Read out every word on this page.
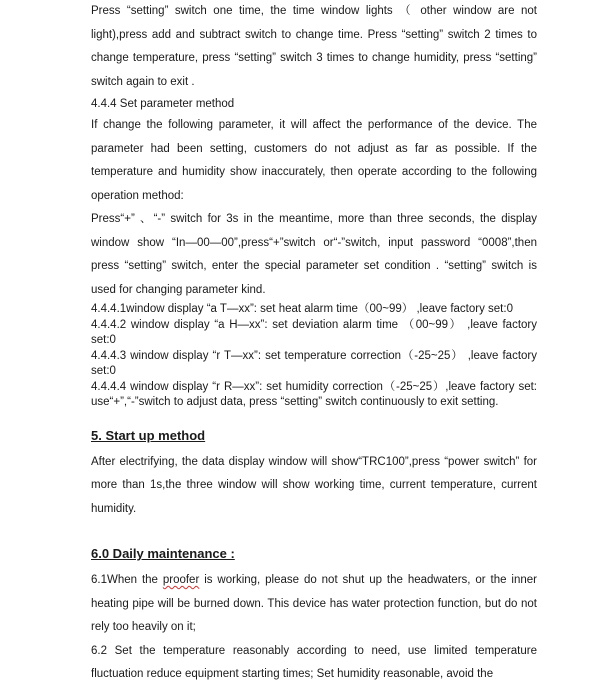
Press “setting” switch one time, the time window lights （ other window are not light),press add and subtract switch to change time. Press “setting” switch 2 times to change temperature, press “setting” switch 3 times to change humidity, press “setting” switch again to exit .

4.4.4 Set parameter method

If change the following parameter, it will affect the performance of the device. The parameter had been setting, customers do not adjust as far as possible. If the temperature and humidity show inaccurately, then operate according to the following operation method:

Press“+” 、“-” switch for 3s in the meantime, more than three seconds, the display window show “In—00—00”,press“+”switch or“-”switch, input password “0008”,then press “setting” switch, enter the special parameter set condition . “setting” switch is used for changing parameter kind.

4.4.4.1window display “a T—xx”: set heat alarm time（00~99） ,leave factory set:0

4.4.4.2 window display “a H—xx”: set deviation alarm time （00~99） ,leave factory set:0

4.4.4.3 window display “r T—xx”: set temperature correction（-25~25） ,leave factory set:0

4.4.4.4 window display “r R—xx”: set humidity correction（-25~25）,leave factory set: use“+”,“-”switch to adjust data, press “setting” switch continuously to exit setting.

5. Start up method

After electrifying, the data display window will show“TRC100”,press “power switch” for more than 1s,the three window will show working time, current temperature, current humidity.

6.0 Daily maintenance :

6.1When the proofer is working, please do not shut up the headwaters, or the inner heating pipe will be burned down. This device has water protection function, but do not rely too heavily on it;

6.2 Set the temperature reasonably according to need, use limited temperature fluctuation reduce equipment starting times; Set humidity reasonable, avoid the
